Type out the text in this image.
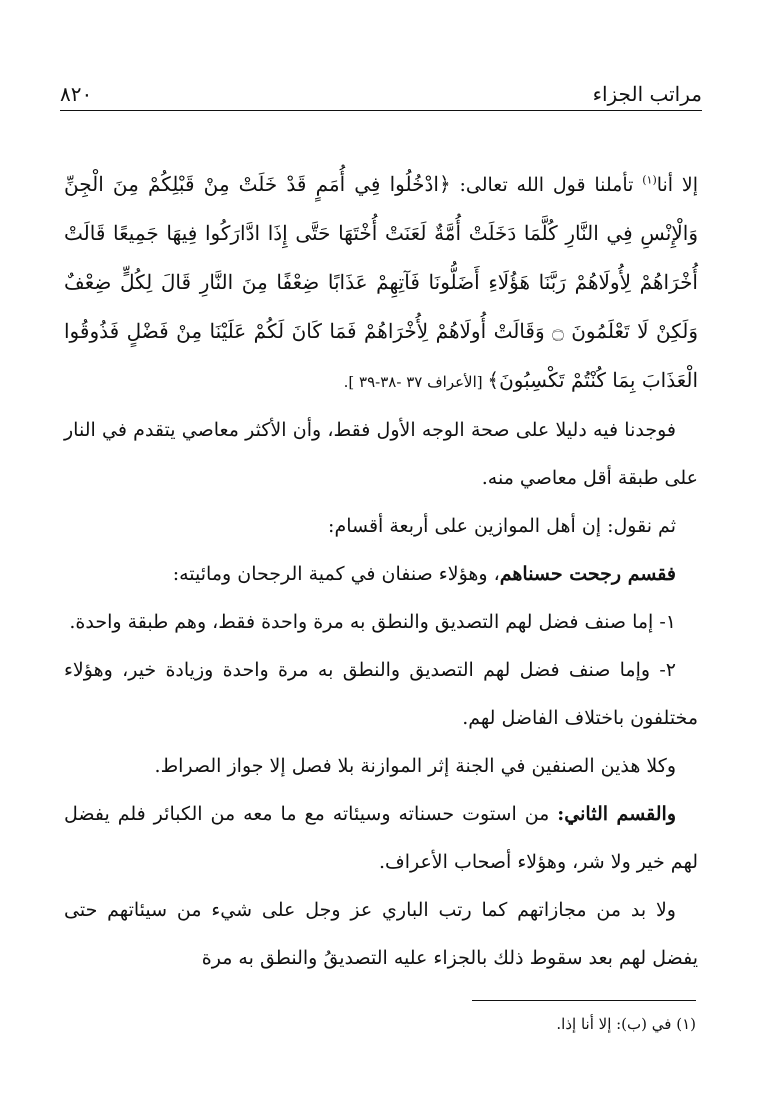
مراتب الجزاء
٨٢٠

إلا أنا$^{(١)}$ تأملنا قول الله تعالى: ﴿ادْخُلُوا فِي أُمَمٍ قَدْ خَلَتْ مِنْ قَبْلِكُمْ مِنَ الْجِنِّ وَالْإِنْسِ فِي النَّارِ كُلَّمَا دَخَلَتْ أُمَّةٌ لَعَنَتْ أُخْتَهَا حَتَّى إِذَا ادَّارَكُوا فِيهَا جَمِيعًا قَالَتْ أُخْرَاهُمْ لِأُولَاهُمْ رَبَّنَا هَؤُلَاءِ أَضَلُّونَا فَآتِهِمْ عَذَابًا ضِعْفًا مِنَ النَّارِ قَالَ لِكُلٍّ ضِعْفٌ وَلَكِنْ لَا تَعْلَمُونَ ۝ وَقَالَتْ أُولَاهُمْ لِأُخْرَاهُمْ فَمَا كَانَ لَكُمْ عَلَيْنَا مِنْ فَضْلٍ فَذُوقُوا الْعَذَابَ بِمَا كُنْتُمْ تَكْسِبُونَ﴾ [الأعراف ٣٧ -٣٨-٣٩ ].

فوجدنا فيه دليلا على صحة الوجه الأول فقط، وأن الأكثر معاصي يتقدم في النار على طبقة أقل معاصي منه.

ثم نقول: إن أهل الموازين على أربعة أقسام:

فقسم رجحت حسناهم، وهؤلاء صنفان في كمية الرجحان ومائيته:

١- إما صنف فضل لهم التصديق والنطق به مرة واحدة فقط، وهم طبقة واحدة.

٢- وإما صنف فضل لهم التصديق والنطق به مرة واحدة وزيادة خير، وهؤلاء مختلفون باختلاف الفاضل لهم.

وكلا هذين الصنفين في الجنة إثر الموازنة بلا فصل إلا جواز الصراط.

والقسم الثاني: من استوت حسناته وسيئاته مع ما معه من الكبائر فلم يفضل لهم خير ولا شر، وهؤلاء أصحاب الأعراف.

ولا بد من مجازاتهم كما رتب الباري عز وجل على شيء من سيئاتهم حتى يفضل لهم بعد سقوط ذلك بالجزاء عليه التصديقُ والنطق به مرة

(١) في (ب): إلا أنا إذا.
